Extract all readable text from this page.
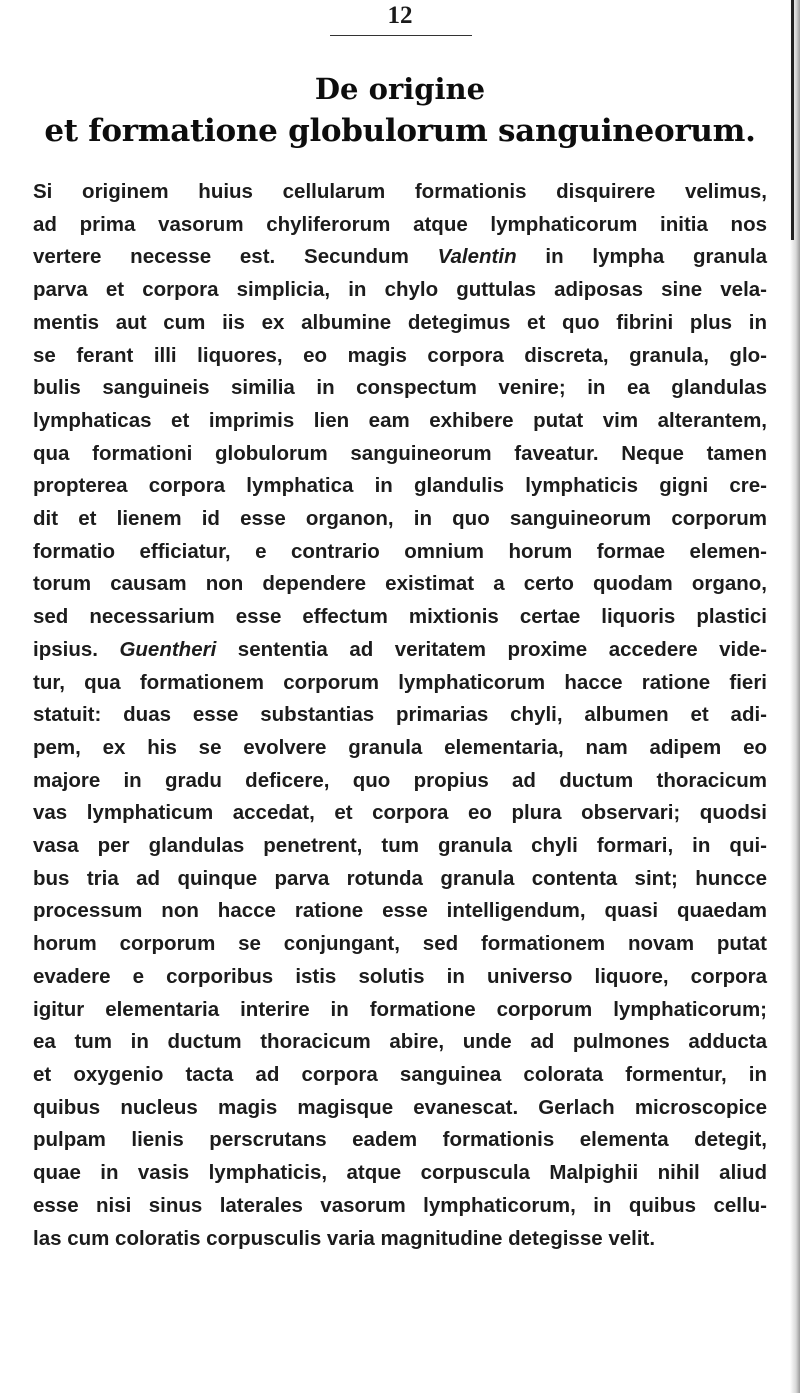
12
De origine
et formatione globulorum sanguineorum.
Si originem huius cellularum formationis disquirere velimus,
ad prima vasorum chyliferorum atque lymphaticorum initia nos
vertere necesse est. Secundum Valentin in lympha granula
parva et corpora simplicia, in chylo guttulas adiposas sine vela-
mentis aut cum iis ex albumine detegimus et quo fibrini plus in
se ferant illi liquores, eo magis corpora discreta, granula, glo-
bulis sanguineis similia in conspectum venire; in ea glandulas
lymphaticas et imprimis lien eam exhibere putat vim alterantem,
qua formationi globulorum sanguineorum faveatur. Neque tamen
propterea corpora lymphatica in glandulis lymphaticis gigni cre-
dit et lienem id esse organon, in quo sanguineorum corporum
formatio efficiatur, e contrario omnium horum formae elemen-
torum causam non dependere existimat a certo quodam organo,
sed necessarium esse effectum mixtionis certae liquoris plastici
ipsius. Guentheri sententia ad veritatem proxime accedere vide-
tur, qua formationem corporum lymphaticorum hacce ratione fieri
statuit: duas esse substantias primarias chyli, albumen et adi-
pem, ex his se evolvere granula elementaria, nam adipem eo
majore in gradu deficere, quo propius ad ductum thoracicum
vas lymphaticum accedat, et corpora eo plura observari; quodsi
vasa per glandulas penetrent, tum granula chyli formari, in qui-
bus tria ad quinque parva rotunda granula contenta sint; huncce
processum non hacce ratione esse intelligendum, quasi quaedam
horum corporum se conjungant, sed formationem novam putat
evadere e corporibus istis solutis in universo liquore, corpora
igitur elementaria interire in formatione corporum lymphaticorum;
ea tum in ductum thoracicum abire, unde ad pulmones adducta
et oxygenio tacta ad corpora sanguinea colorata formentur, in
quibus nucleus magis magisque evanescat. Gerlach microscopice
pulpam lienis perscrutans eadem formationis elementa detegit,
quae in vasis lymphaticis, atque corpuscula Malpighii nihil aliud
esse nisi sinus laterales vasorum lymphaticorum, in quibus cellu-
las cum coloratis corpusculis varia magnitudine detegisse velit.
